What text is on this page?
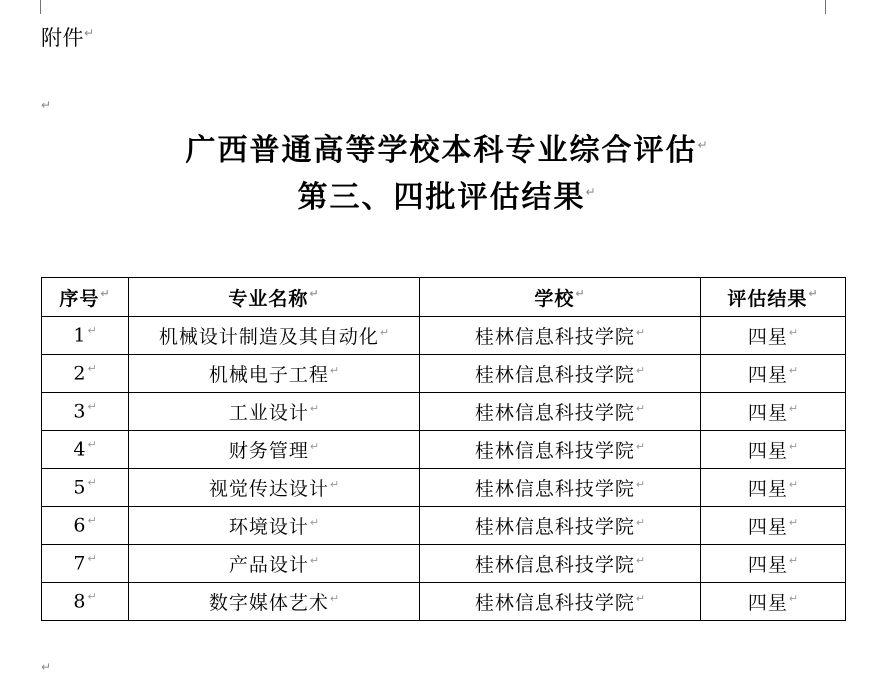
附件↵
↵
广西普通高等学校本科专业综合评估↵
第三、四批评估结果↵
序号↵	专业名称↵	学校↵	评估结果↵
1↵	机械设计制造及其自动化↵	桂林信息科技学院↵	四星↵
2↵	机械电子工程↵	桂林信息科技学院↵	四星↵
3↵	工业设计↵	桂林信息科技学院↵	四星↵
4↵	财务管理↵	桂林信息科技学院↵	四星↵
5↵	视觉传达设计↵	桂林信息科技学院↵	四星↵
6↵	环境设计↵	桂林信息科技学院↵	四星↵
7↵	产品设计↵	桂林信息科技学院↵	四星↵
8↵	数字媒体艺术↵	桂林信息科技学院↵	四星↵
↵
